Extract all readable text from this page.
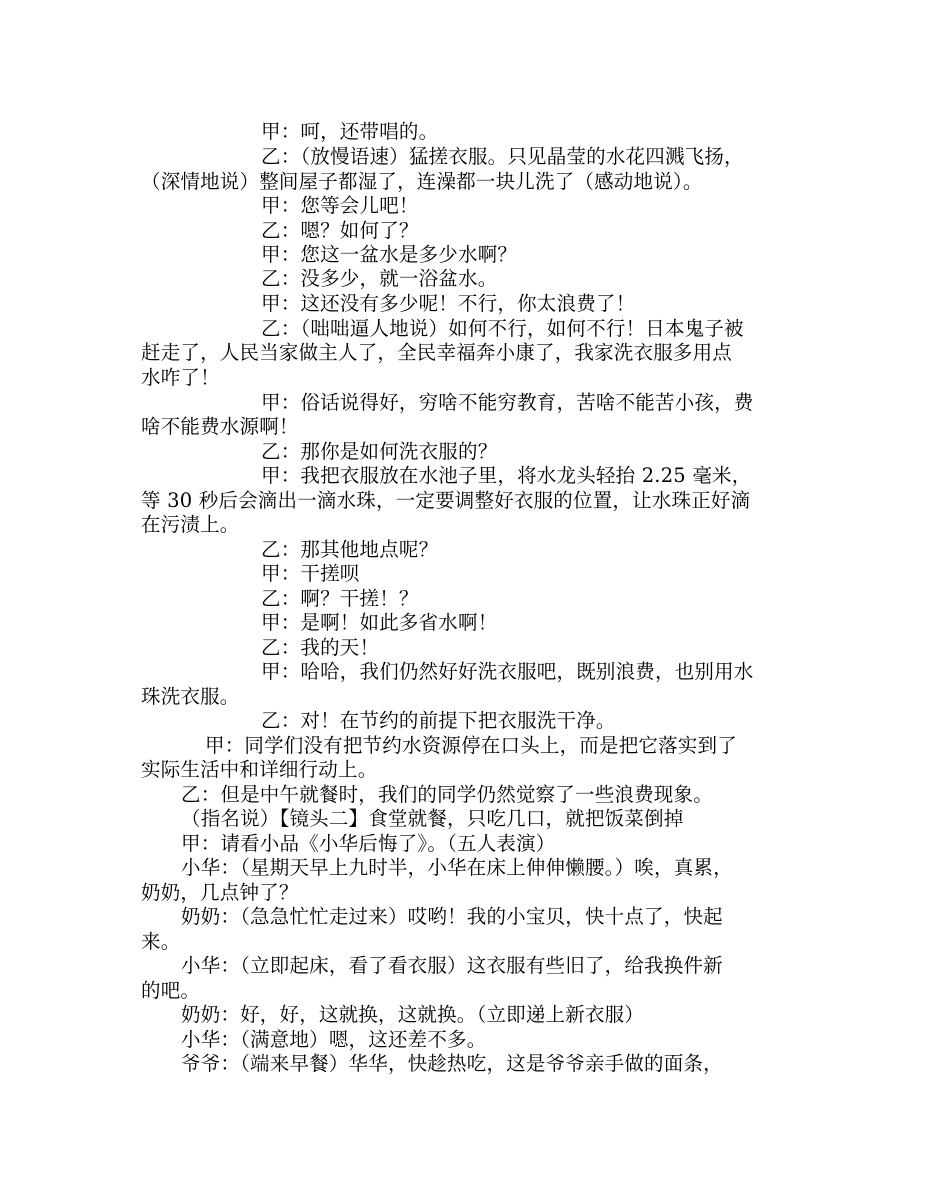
甲：呵，还带唱的。
乙：（放慢语速）猛搓衣服。只见晶莹的水花四溅飞扬，
（深情地说）整间屋子都湿了，连澡都一块儿洗了（感动地说）。
甲：您等会儿吧！
乙：嗯？如何了？
甲：您这一盆水是多少水啊？
乙：没多少，就一浴盆水。
甲：这还没有多少呢！不行，你太浪费了！
乙：（咄咄逼人地说）如何不行，如何不行！日本鬼子被
赶走了，人民当家做主人了，全民幸福奔小康了，我家洗衣服多用点
水咋了！
甲：俗话说得好，穷啥不能穷教育，苦啥不能苦小孩，费
啥不能费水源啊！
乙：那你是如何洗衣服的？
甲：我把衣服放在水池子里，将水龙头轻抬 2.25 毫米，
等 30 秒后会滴出一滴水珠，一定要调整好衣服的位置，让水珠正好滴
在污渍上。
乙：那其他地点呢？
甲：干搓呗
乙：啊？干搓！？
甲：是啊！如此多省水啊！
乙：我的天！
甲：哈哈，我们仍然好好洗衣服吧，既别浪费，也别用水
珠洗衣服。
乙：对！在节约的前提下把衣服洗干净。
甲：同学们没有把节约水资源停在口头上，而是把它落实到了
实际生活中和详细行动上。
乙：但是中午就餐时，我们的同学仍然觉察了一些浪费现象。
（指名说）【镜头二】食堂就餐，只吃几口，就把饭菜倒掉
甲：请看小品《小华后悔了》。（五人表演）
小华：（星期天早上九时半，小华在床上伸伸懒腰。）唉，真累，
奶奶，几点钟了？
奶奶：（急急忙忙走过来）哎哟！我的小宝贝，快十点了，快起
来。
小华：（立即起床，看了看衣服）这衣服有些旧了，给我换件新
的吧。
奶奶：好，好，这就换，这就换。（立即递上新衣服）
小华：（满意地）嗯，这还差不多。
爷爷：（端来早餐）华华，快趁热吃，这是爷爷亲手做的面条，
